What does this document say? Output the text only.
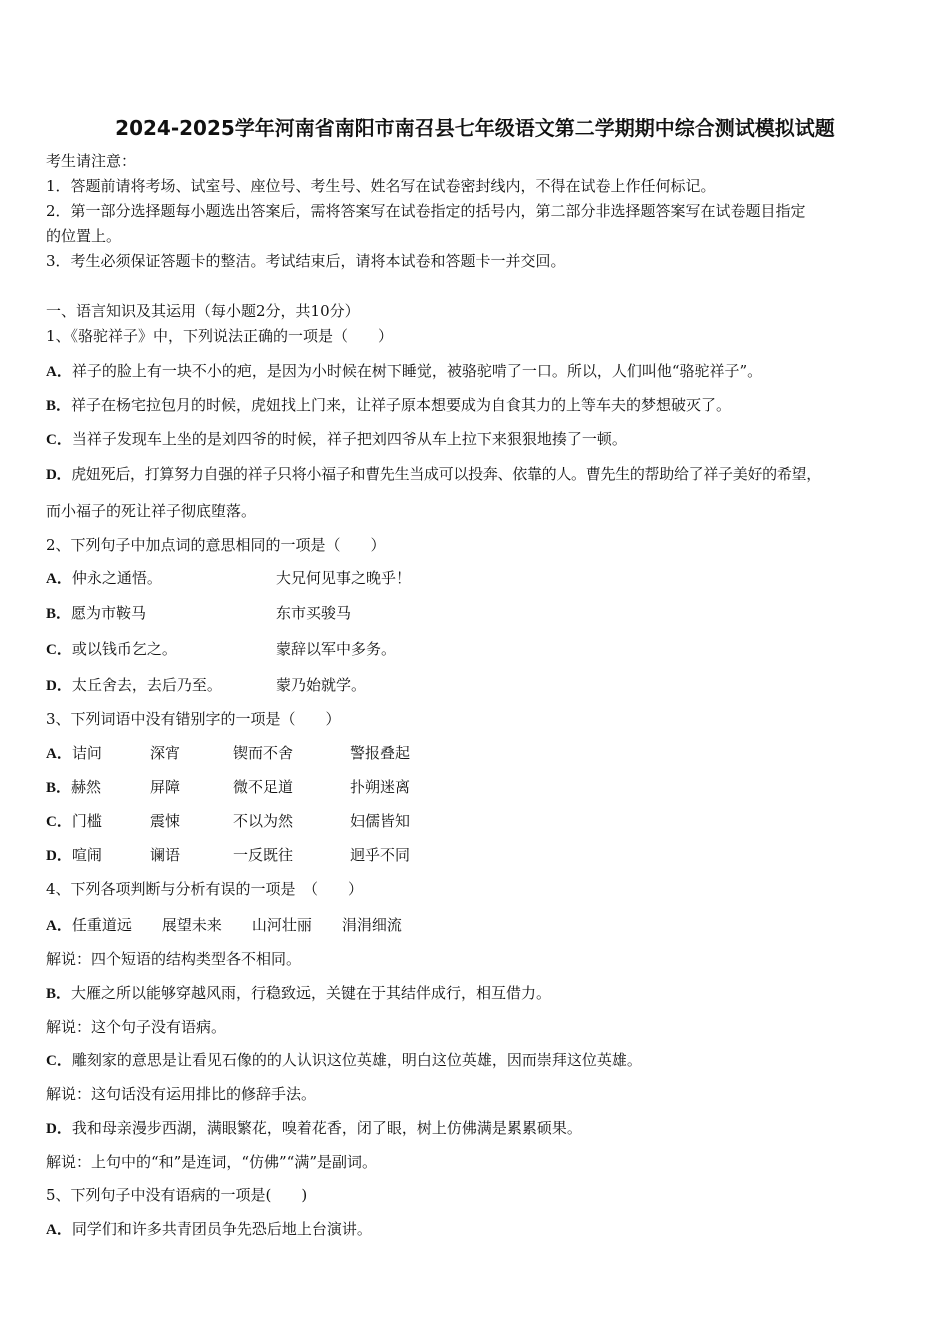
2024-2025学年河南省南阳市南召县七年级语文第二学期期中综合测试模拟试题
考生请注意：
1．答题前请将考场、试室号、座位号、考生号、姓名写在试卷密封线内，不得在试卷上作任何标记。
2．第一部分选择题每小题选出答案后，需将答案写在试卷指定的括号内，第二部分非选择题答案写在试卷题目指定
的位置上。
3．考生必须保证答题卡的整洁。考试结束后，请将本试卷和答题卡一并交回。
一、语言知识及其运用（每小题2分，共10分）
1、《骆驼祥子》中，下列说法正确的一项是（　　）
A．祥子的脸上有一块不小的疤，是因为小时候在树下睡觉，被骆驼啃了一口。所以，人们叫他“骆驼祥子”。
B．祥子在杨宅拉包月的时候，虎妞找上门来，让祥子原本想要成为自食其力的上等车夫的梦想破灭了。
C．当祥子发现车上坐的是刘四爷的时候，祥子把刘四爷从车上拉下来狠狠地揍了一顿。
D．虎妞死后，打算努力自强的祥子只将小福子和曹先生当成可以投奔、依靠的人。曹先生的帮助给了祥子美好的希望，
而小福子的死让祥子彻底堕落。
2、下列句子中加点词的意思相同的一项是（　　）
A．仲永之通悟。	大兄何见事之晚乎！
B．愿为市鞍马	东市买骏马
C．或以钱币乞之。	蒙辞以军中多务。
D．太丘舍去，去后乃至。	蒙乃始就学。
3、下列词语中没有错别字的一项是（　　）
A．诘问	深宵	锲而不舍	警报叠起
B．赫然	屏障	微不足道	扑朔迷离
C．门槛	震悚	不以为然	妇儒皆知
D．喧闹	谰语	一反既往	迥乎不同
4、下列各项判断与分析有误的一项是　（　　）
A．任重道远　　展望未来　　山河壮丽　　涓涓细流
解说：四个短语的结构类型各不相同。
B．大雁之所以能够穿越风雨，行稳致远，关键在于其结伴成行，相互借力。
解说：这个句子没有语病。
C．雕刻家的意思是让看见石像的的人认识这位英雄，明白这位英雄，因而崇拜这位英雄。
解说：这句话没有运用排比的修辞手法。
D．我和母亲漫步西湖，满眼繁花，嗅着花香，闭了眼，树上仿佛满是累累硕果。
解说：上句中的“和”是连词，“仿佛”“满”是副词。
5、下列句子中没有语病的一项是(　　)
A．同学们和许多共青团员争先恐后地上台演讲。
